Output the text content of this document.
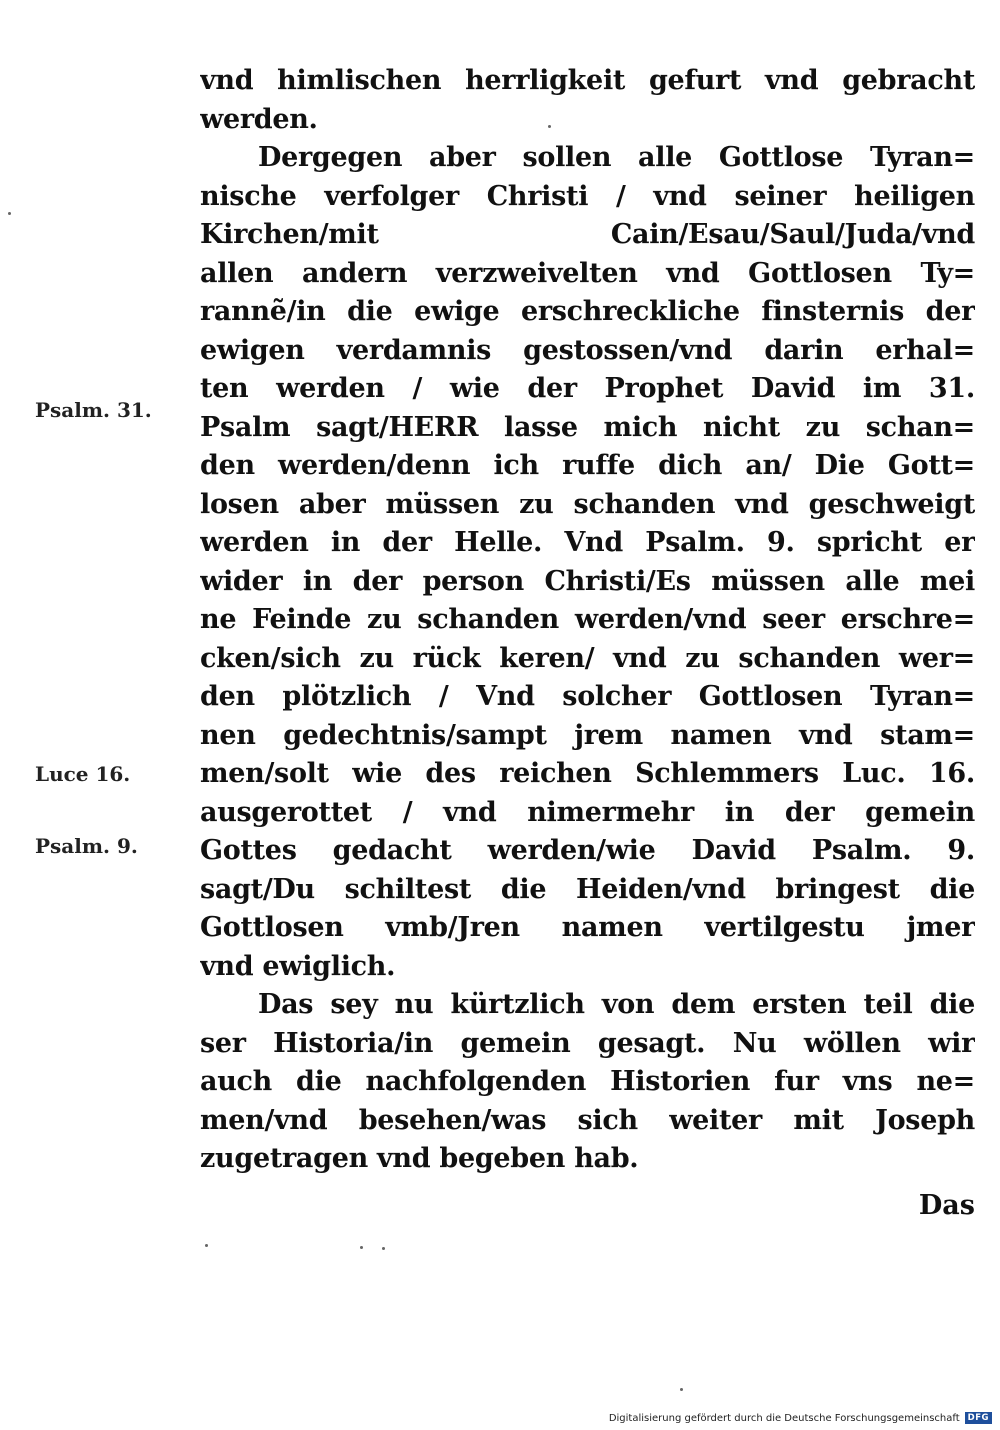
Psalm. 31.
Luce 16.
Psalm. 9.
vnd himlischen herrligkeit gefurt vnd gebracht
werden.
Dergegen aber sollen alle Gottlose Tyran=
nische verfolger Christi / vnd seiner heiligen
Kirchen/mit Cain/Esau/Saul/Juda/vnd
allen andern verzweivelten vnd Gottlosen Ty=
rannẽ/in die ewige erschreckliche finsternis der
ewigen verdamnis gestossen/vnd darin erhal=
ten werden / wie der Prophet David im 31.
Psalm sagt/HERR lasse mich nicht zu schan=
den werden/denn ich ruffe dich an/ Die Gott=
losen aber müssen zu schanden vnd geschweigt
werden in der Helle. Vnd Psalm. 9. spricht er
wider in der person Christi/Es müssen alle mei
ne Feinde zu schanden werden/vnd seer erschre=
cken/sich zu rück keren/ vnd zu schanden wer=
den plötzlich / Vnd solcher Gottlosen Tyran=
nen gedechtnis/sampt jrem namen vnd stam=
men/solt wie des reichen Schlemmers Luc. 16.
ausgerottet / vnd nimermehr in der gemein
Gottes gedacht werden/wie David Psalm. 9.
sagt/Du schiltest die Heiden/vnd bringest die
Gottlosen vmb/Jren namen vertilgestu jmer
vnd ewiglich.
Das sey nu kürtzlich von dem ersten teil die
ser Historia/in gemein gesagt. Nu wöllen wir
auch die nachfolgenden Historien fur vns ne=
men/vnd besehen/was sich weiter mit Joseph
zugetragen vnd begeben hab.
Das
Digitalisierung gefördert durch die Deutsche Forschungsgemeinschaft DFG
